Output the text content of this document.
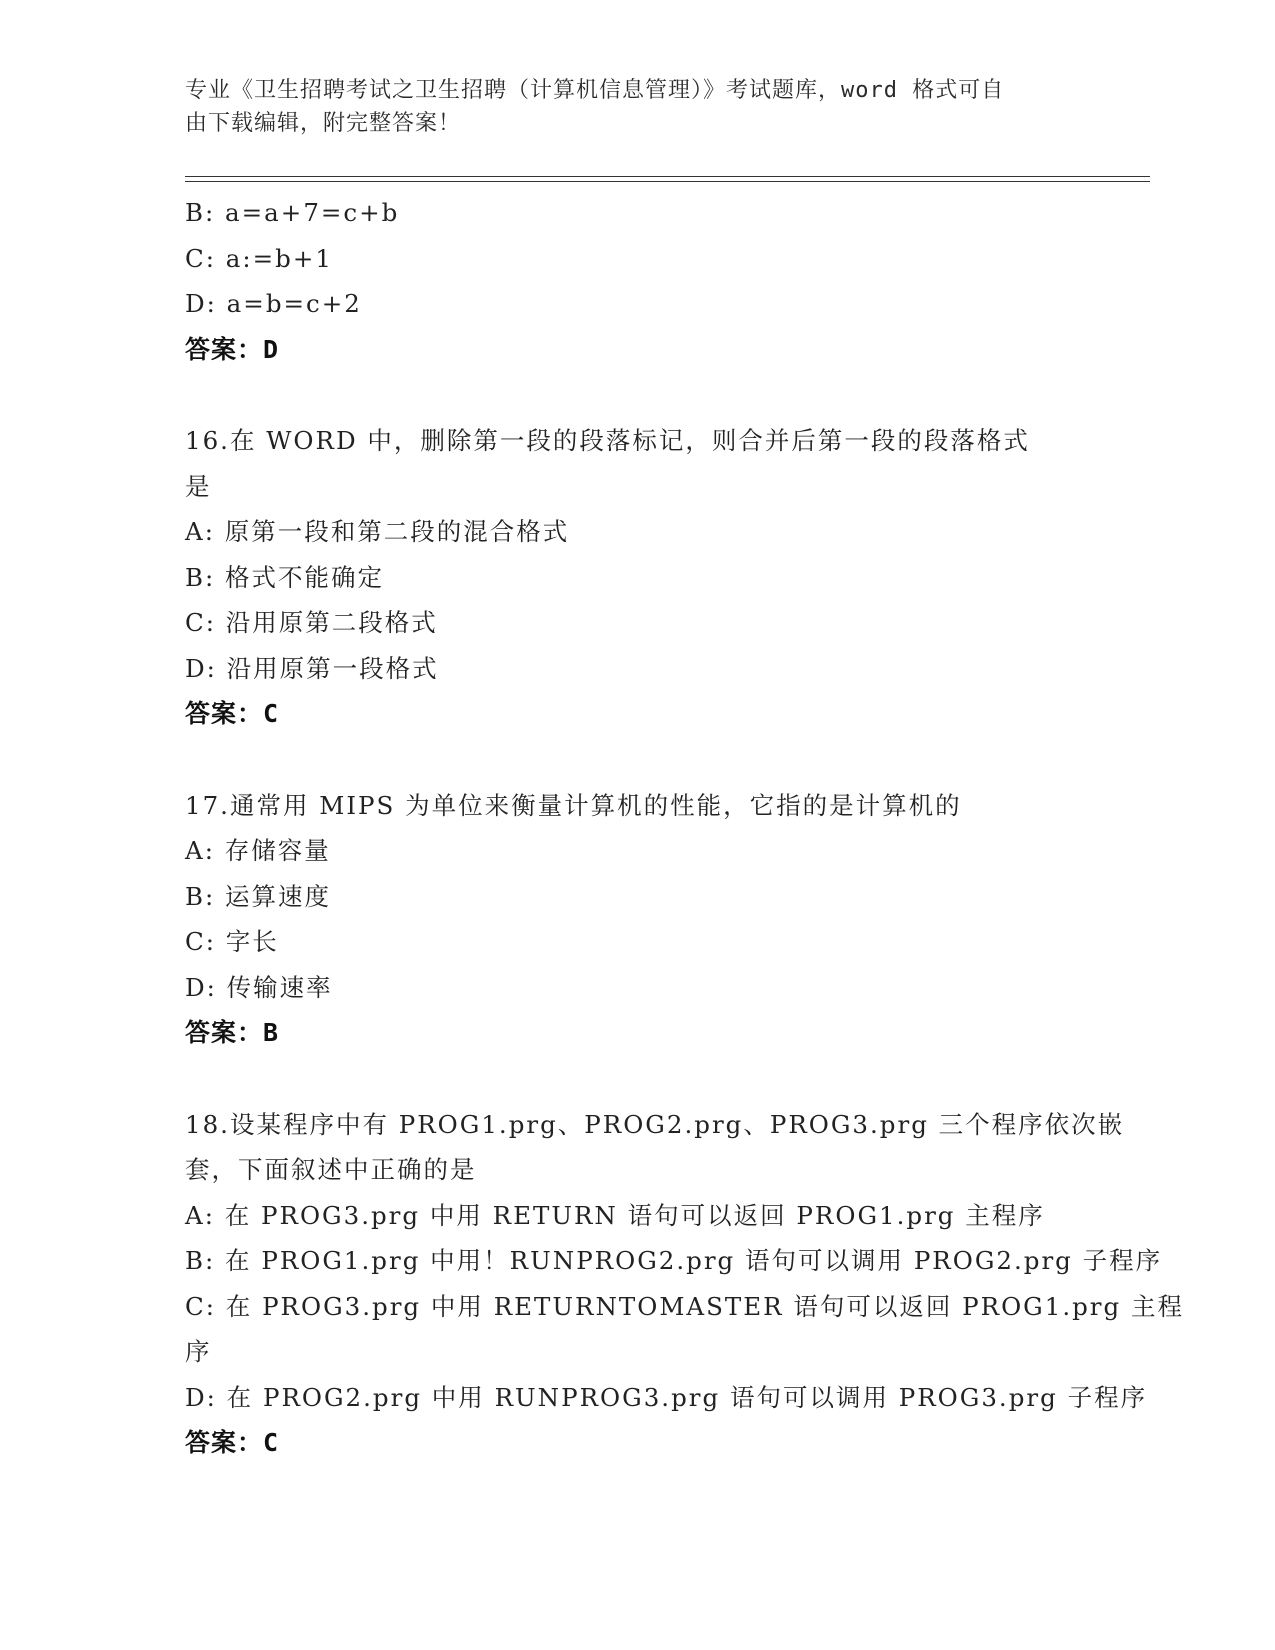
专业《卫生招聘考试之卫生招聘（计算机信息管理）》考试题库，word 格式可自
由下载编辑，附完整答案！
B: a=a+7=c+b
C: a:=b+1
D: a=b=c+2
答案：D
16.在 WORD 中，删除第一段的段落标记，则合并后第一段的段落格式
是
A: 原第一段和第二段的混合格式
B: 格式不能确定
C: 沿用原第二段格式
D: 沿用原第一段格式
答案：C
17.通常用 MIPS 为单位来衡量计算机的性能，它指的是计算机的
A: 存储容量
B: 运算速度
C: 字长
D: 传输速率
答案：B
18.设某程序中有 PROG1.prg、PROG2.prg、PROG3.prg 三个程序依次嵌
套，下面叙述中正确的是
A: 在 PROG3.prg 中用 RETURN 语句可以返回 PROG1.prg 主程序
B: 在 PROG1.prg 中用！RUNPROG2.prg 语句可以调用 PROG2.prg 子程序
C: 在 PROG3.prg 中用 RETURNTOMASTER 语句可以返回 PROG1.prg 主程
序
D: 在 PROG2.prg 中用 RUNPROG3.prg 语句可以调用 PROG3.prg 子程序
答案：C
